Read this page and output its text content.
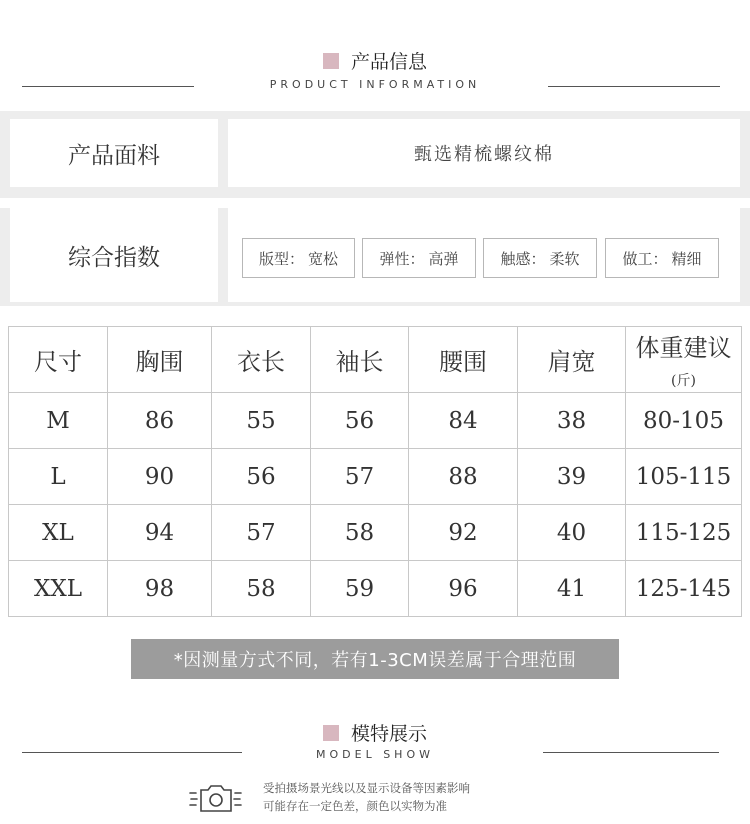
产品信息
PRODUCT INFORMATION
产品面料	甄选精梳螺纹棉
综合指数	版型： 宽松	弹性： 高弹	触感： 柔软	做工： 精细
尺寸	胸围	衣长	袖长	腰围	肩宽	体重建议(斤)
M	86	55	56	84	38	80-105
L	90	56	57	88	39	105-115
XL	94	57	58	92	40	115-125
XXL	98	58	59	96	41	125-145
*因测量方式不同，若有1-3CM误差属于合理范围
模特展示
MODEL SHOW
受拍摄场景光线以及显示设备等因素影响
可能存在一定色差，颜色以实物为准
